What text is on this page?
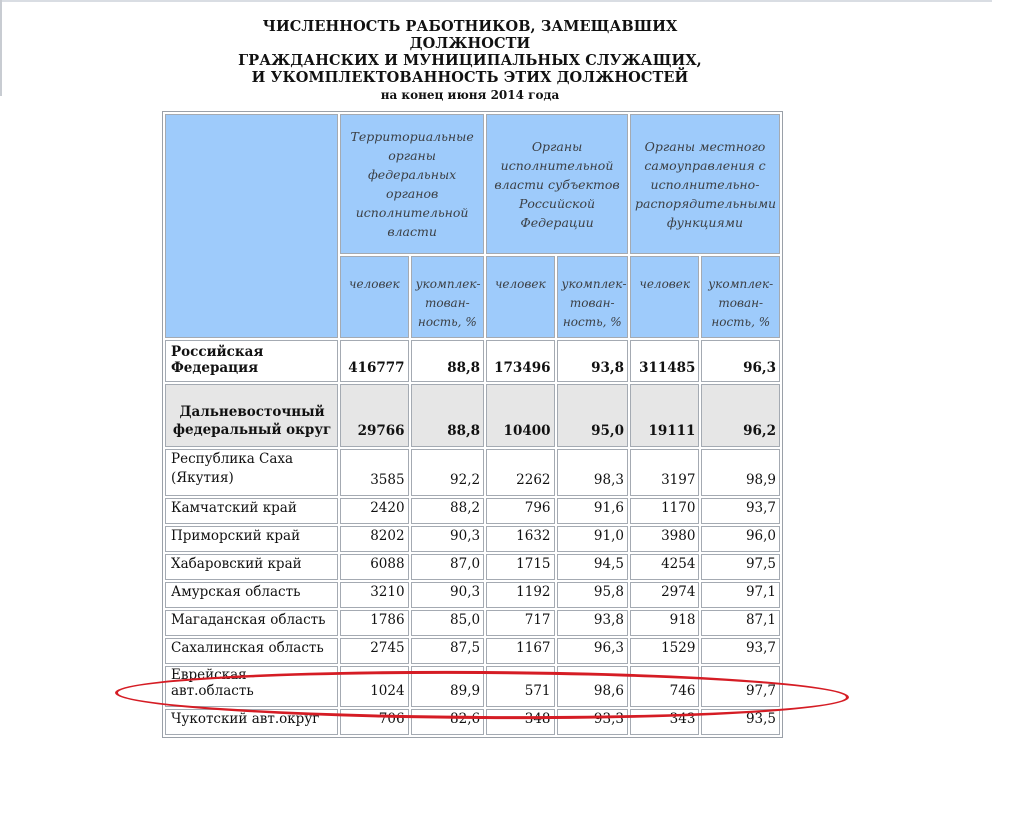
ЧИСЛЕННОСТЬ РАБОТНИКОВ, ЗАМЕЩАВШИХ ДОЛЖНОСТИ
ГРАЖДАНСКИХ И МУНИЦИПАЛЬНЫХ СЛУЖАЩИХ,
И УКОМПЛЕКТОВАННОСТЬ ЭТИХ ДОЛЖНОСТЕЙ
на конец июня 2014 года
	Территориальные органы федеральных органов исполнительной власти		Органы исполнительной власти субъектов Российской Федерации		Органы местного самоуправления с исполнительно-распорядительными функциями	
	человек	укомплек-тован-ность, %	человек	укомплек-тован-ность, %	человек	укомплек-тован-ность, %
Российская Федерация	416777	88,8	173496	93,8	311485	96,3
Дальневосточный федеральный округ	29766	88,8	10400	95,0	19111	96,2
Республика Саха (Якутия)	3585	92,2	2262	98,3	3197	98,9
Камчатский край	2420	88,2	796	91,6	1170	93,7
Приморский край	8202	90,3	1632	91,0	3980	96,0
Хабаровский край	6088	87,0	1715	94,5	4254	97,5
Амурская область	3210	90,3	1192	95,8	2974	97,1
Магаданская область	1786	85,0	717	93,8	918	87,1
Сахалинская область	2745	87,5	1167	96,3	1529	93,7
Еврейская авт.область	1024	89,9	571	98,6	746	97,7
Чукотский авт.округ	706	82,6	348	93,3	343	93,5
